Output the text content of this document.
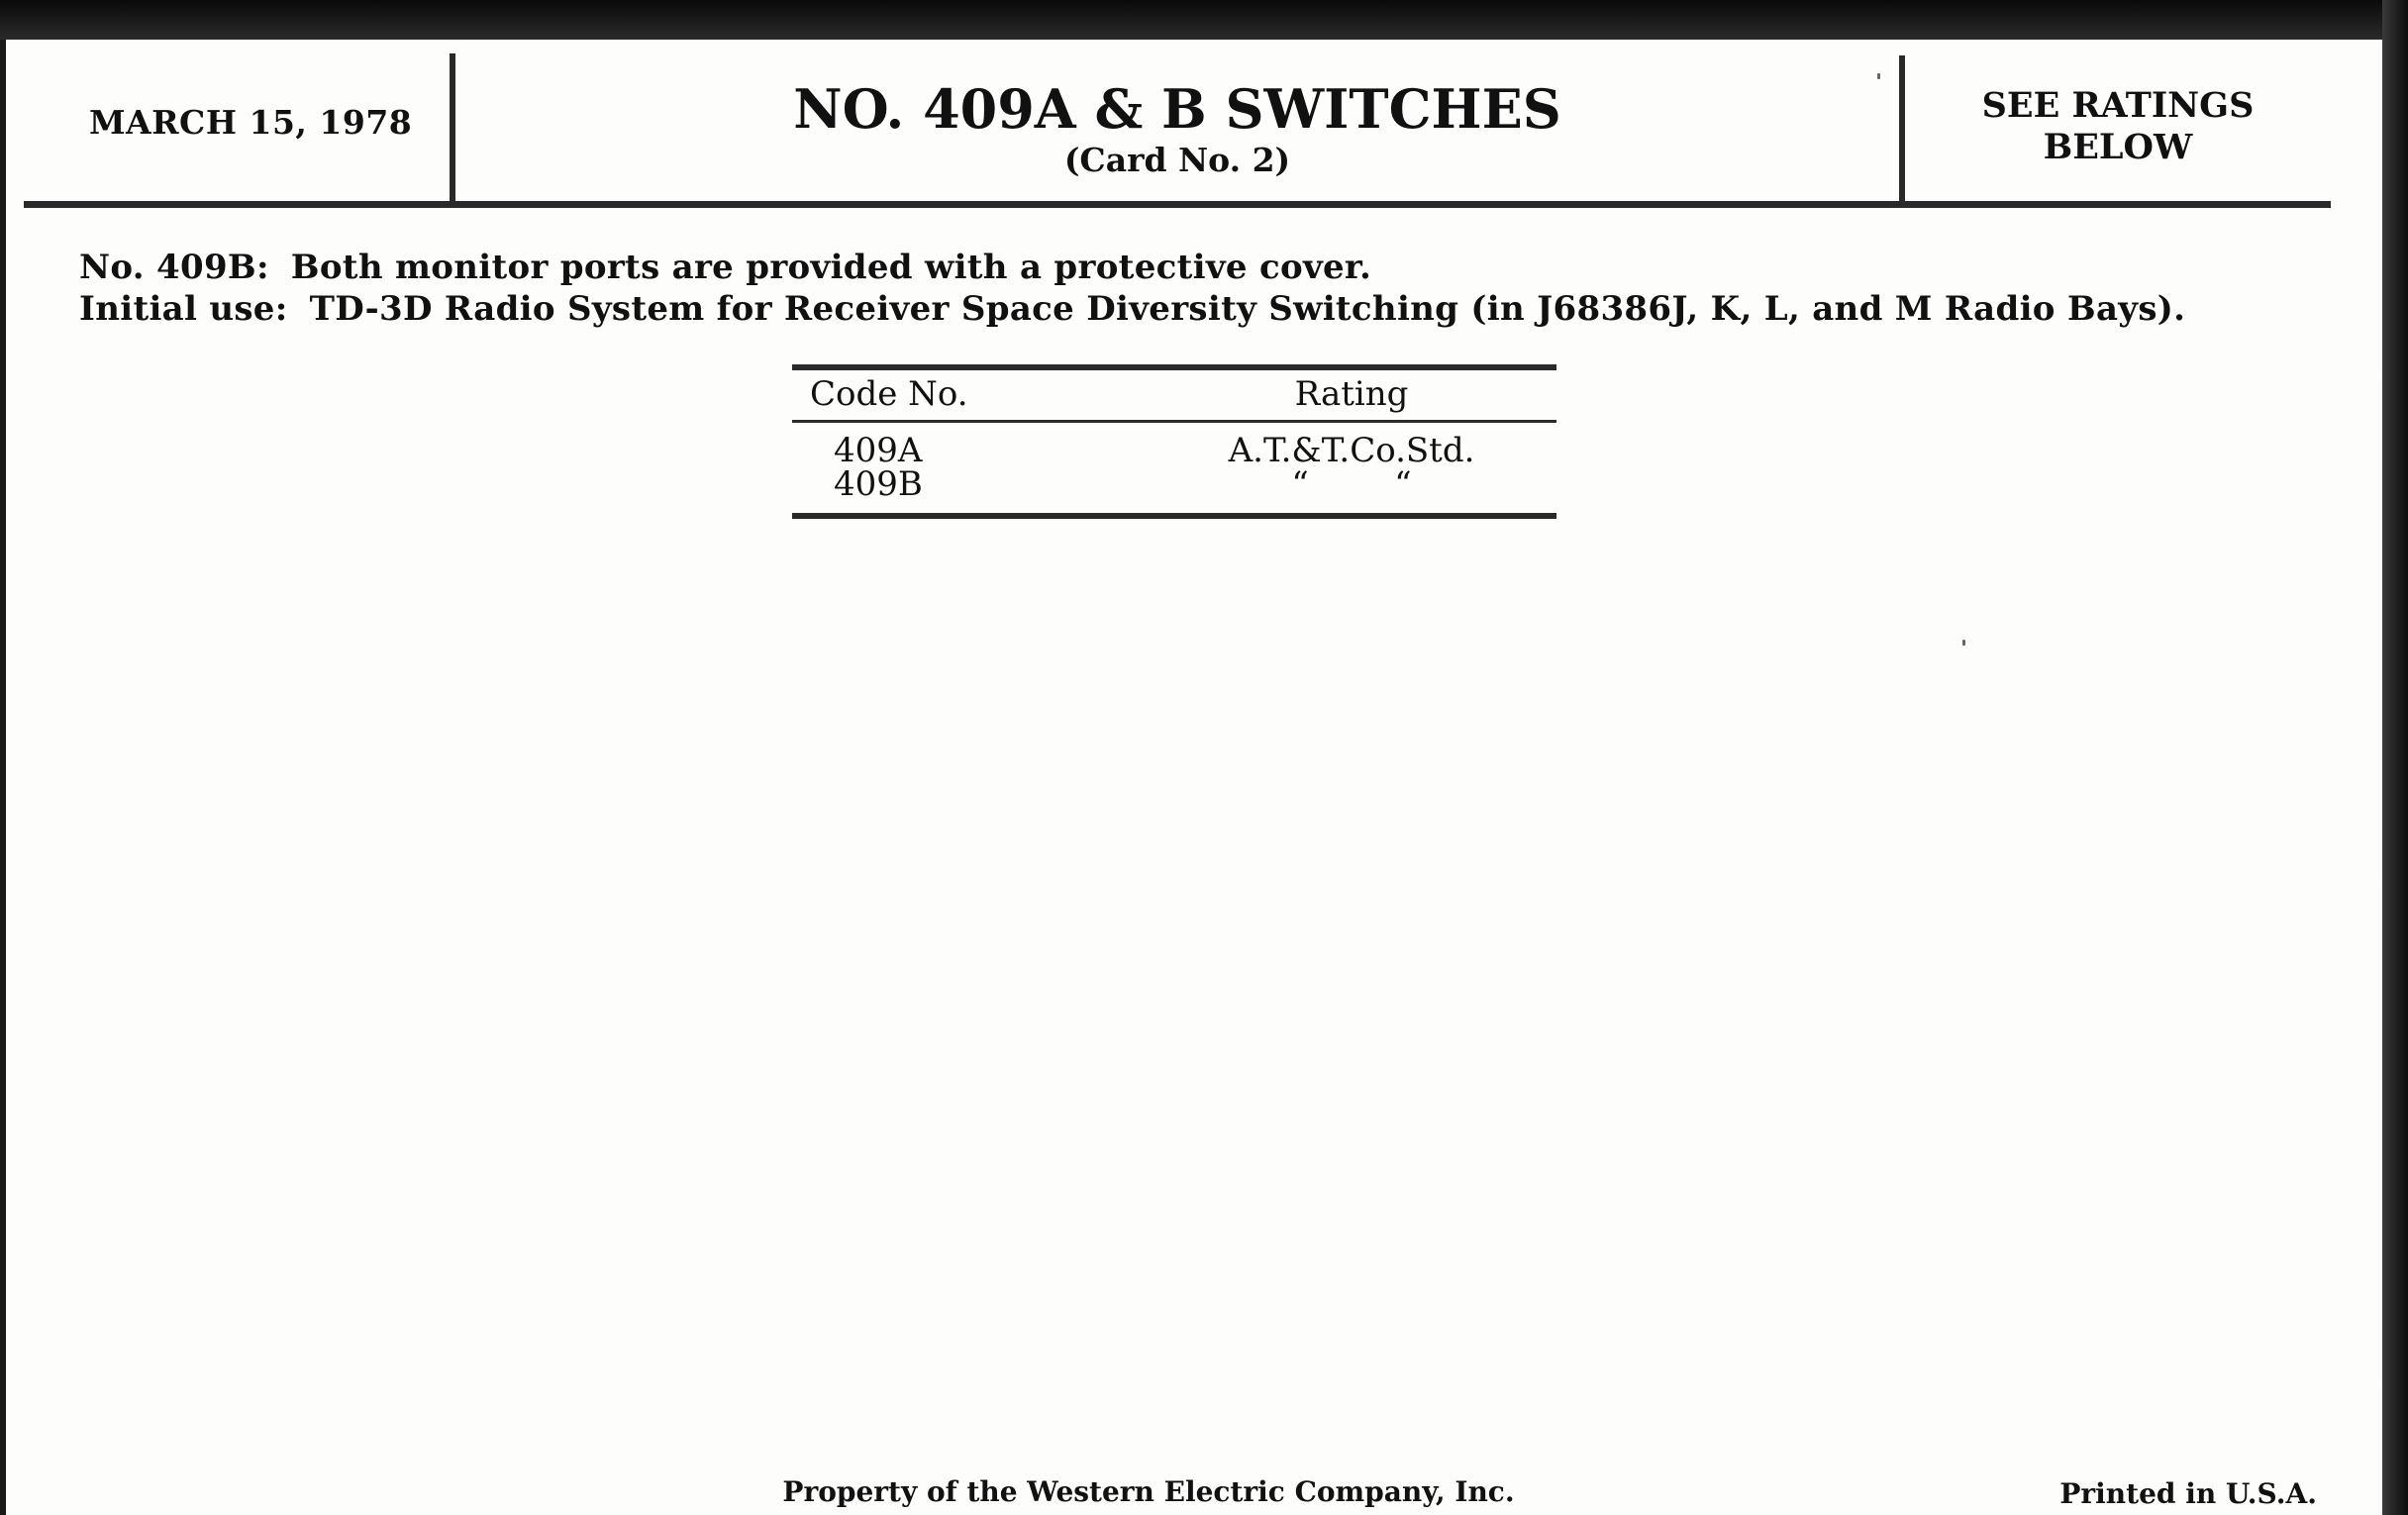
MARCH 15, 1978	NO. 409A & B SWITCHES
(Card No. 2)
SEE RATINGS
BELOW
No. 409B: Both monitor ports are provided with a protective cover.
Initial use: TD-3D Radio System for Receiver Space Diversity Switching (in J68386J, K, L, and M Radio Bays).
Code No.	Rating
409A	A.T.&T.Co.Std.
409B	“        “
Property of the Western Electric Company, Inc.	Printed in U.S.A.
